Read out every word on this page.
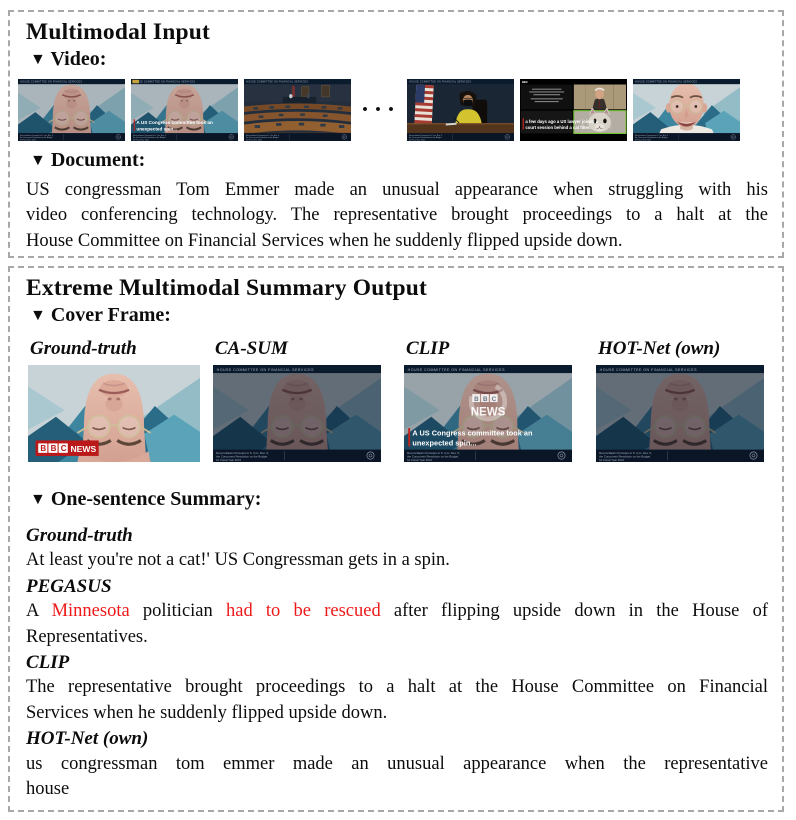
Multimodal Input
▼ Video:
• • •
▼ Document:
US congressman Tom Emmer made an unusual appearance when struggling with his
video conferencing technology. The representative brought proceedings to a halt at the
House Committee on Financial Services when he suddenly flipped upside down.
Extreme Multimodal Summary Output
▼ Cover Frame:
Ground-truth	CA-SUM	CLIP	HOT-Net (own)
▼ One-sentence Summary:
Ground-truth
At least you're not a cat!' US Congressman gets in a spin.
PEGASUS
A Minnesota politician had to be rescued after flipping upside down in the House of
Representatives.
CLIP
The representative brought proceedings to a halt at the House Committee on Financial
Services when he suddenly flipped upside down.
HOT-Net (own)
us congressman tom emmer made an unusual appearance when the representative
house
